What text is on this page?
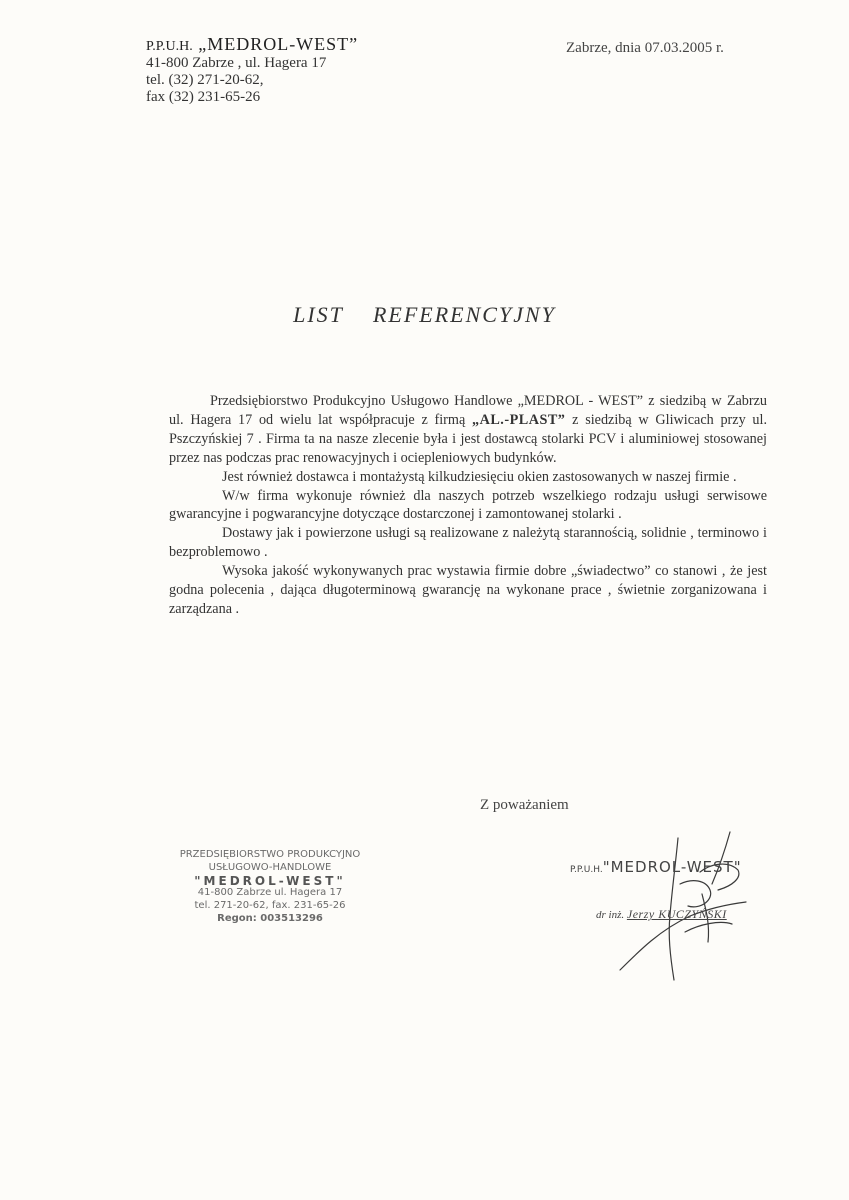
P.P.U.H. „MEDROL-WEST”
41-800 Zabrze , ul. Hagera 17
tel. (32) 271-20-62,
fax (32) 231-65-26
Zabrze, dnia 07.03.2005 r.
LIST REFERENCYJNY

Przedsiębiorstwo Produkcyjno Usługowo Handlowe „MEDROL - WEST” z siedzibą w Zabrzu ul. Hagera 17 od wielu lat współpracuje z firmą „AL.-PLAST” z siedzibą w Gliwicach przy ul. Pszczyńskiej 7 . Firma ta na nasze zlecenie była i jest dostawcą stolarki PCV i aluminiowej stosowanej przez nas podczas prac renowacyjnych i ociepleniowych budynków.

Jest również dostawca i montażystą kilkudziesięciu okien zastosowanych w naszej firmie .

W/w firma wykonuje również dla naszych potrzeb wszelkiego rodzaju usługi serwisowe gwarancyjne i pogwarancyjne dotyczące dostarczonej i zamontowanej stolarki .

Dostawy jak i powierzone usługi są realizowane z należytą starannością, solidnie , terminowo i bezproblemowo .

Wysoka jakość wykonywanych prac wystawia firmie dobre „świadectwo” co stanowi , że jest godna polecenia , dająca długoterminową gwarancję na wykonane prace , świetnie zorganizowana i zarządzana .

Z poważaniem
PRZEDSIĘBIORSTWO PRODUKCYJNO
USŁUGOWO-HANDLOWE
"MEDROL-WEST"
41-800 Zabrze ul. Hagera 17
tel. 271-20-62, fax. 231-65-26
Regon: 003513296
P.P.U.H."MEDROL-WEST"
dr inż. Jerzy KUCZYŃSKI
